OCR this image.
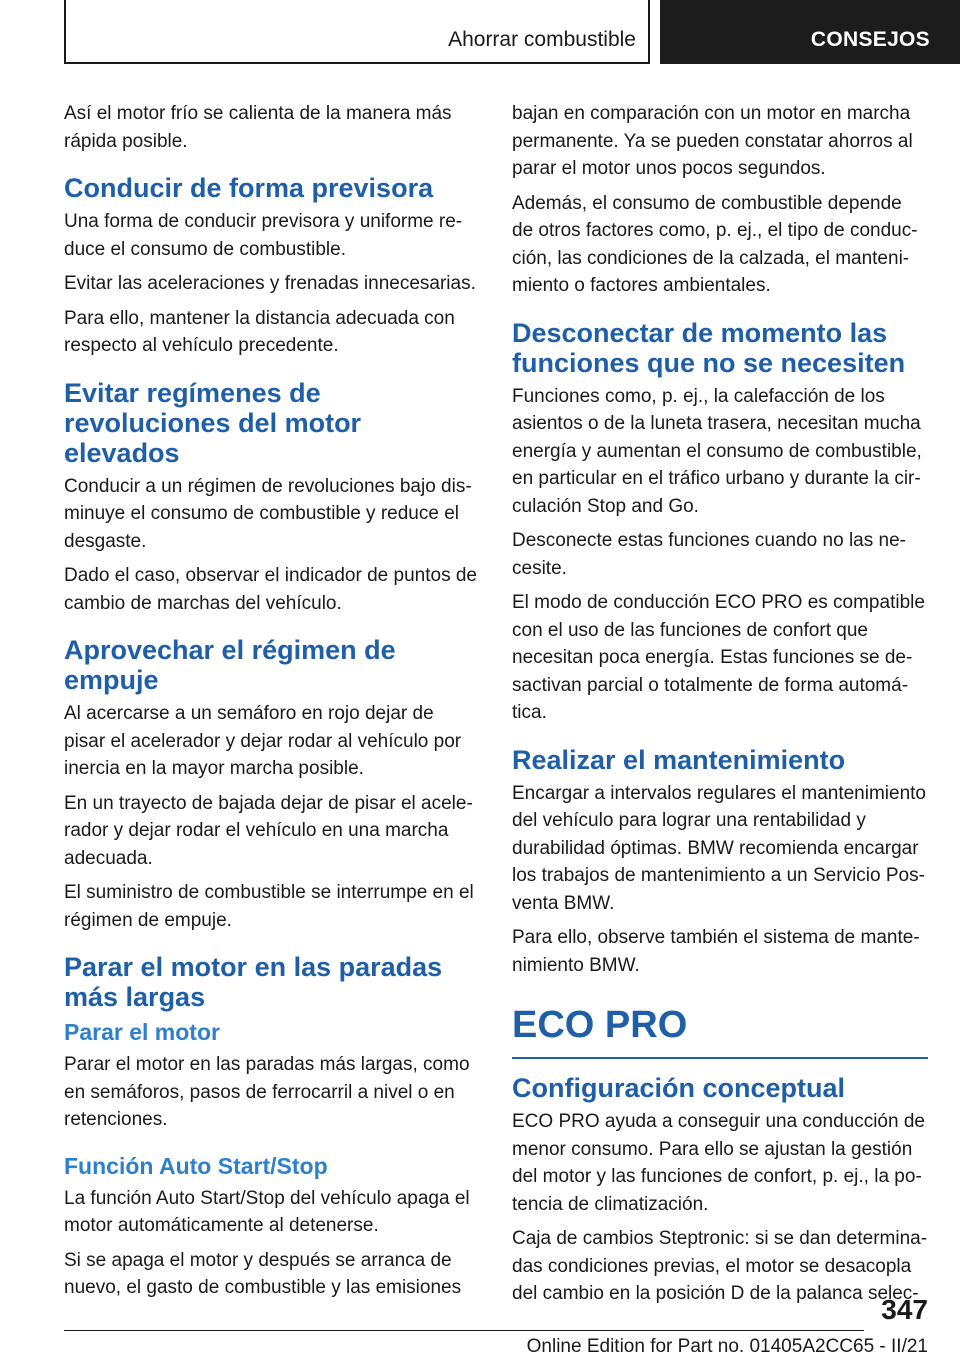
Ahorrar combustible	CONSEJOS

Así el motor frío se calienta de la manera más rápida posible.

Conducir de forma previsora

Una forma de conducir previsora y uniforme reduce el consumo de combustible.

Evitar las aceleraciones y frenadas innecesarias.

Para ello, mantener la distancia adecuada con respecto al vehículo precedente.

Evitar regímenes de revoluciones del motor elevados

Conducir a un régimen de revoluciones bajo disminuye el consumo de combustible y reduce el desgaste.

Dado el caso, observar el indicador de puntos de cambio de marchas del vehículo.

Aprovechar el régimen de empuje

Al acercarse a un semáforo en rojo dejar de pisar el acelerador y dejar rodar al vehículo por inercia en la mayor marcha posible.

En un trayecto de bajada dejar de pisar el acelerador y dejar rodar el vehículo en una marcha adecuada.

El suministro de combustible se interrumpe en el régimen de empuje.

Parar el motor en las paradas más largas
Parar el motor

Parar el motor en las paradas más largas, como en semáforos, pasos de ferrocarril a nivel o en retenciones.

Función Auto Start/Stop

La función Auto Start/Stop del vehículo apaga el motor automáticamente al detenerse.

Si se apaga el motor y después se arranca de nuevo, el gasto de combustible y las emisiones

bajan en comparación con un motor en marcha permanente. Ya se pueden constatar ahorros al parar el motor unos pocos segundos.

Además, el consumo de combustible depende de otros factores como, p. ej., el tipo de conducción, las condiciones de la calzada, el mantenimiento o factores ambientales.

Desconectar de momento las funciones que no se necesiten

Funciones como, p. ej., la calefacción de los asientos o de la luneta trasera, necesitan mucha energía y aumentan el consumo de combustible, en particular en el tráfico urbano y durante la circulación Stop and Go.

Desconecte estas funciones cuando no las necesite.

El modo de conducción ECO PRO es compatible con el uso de las funciones de confort que necesitan poca energía. Estas funciones se desactivan parcial o totalmente de forma automática.

Realizar el mantenimiento

Encargar a intervalos regulares el mantenimiento del vehículo para lograr una rentabilidad y durabilidad óptimas. BMW recomienda encargar los trabajos de mantenimiento a un Servicio Posventa BMW.

Para ello, observe también el sistema de mantenimiento BMW.

ECO PRO
Configuración conceptual

ECO PRO ayuda a conseguir una conducción de menor consumo. Para ello se ajustan la gestión del motor y las funciones de confort, p. ej., la potencia de climatización.

Caja de cambios Steptronic: si se dan determinadas condiciones previas, el motor se desacopla del cambio en la posición D de la palanca selec-

347
Online Edition for Part no. 01405A2CC65 - II/21
